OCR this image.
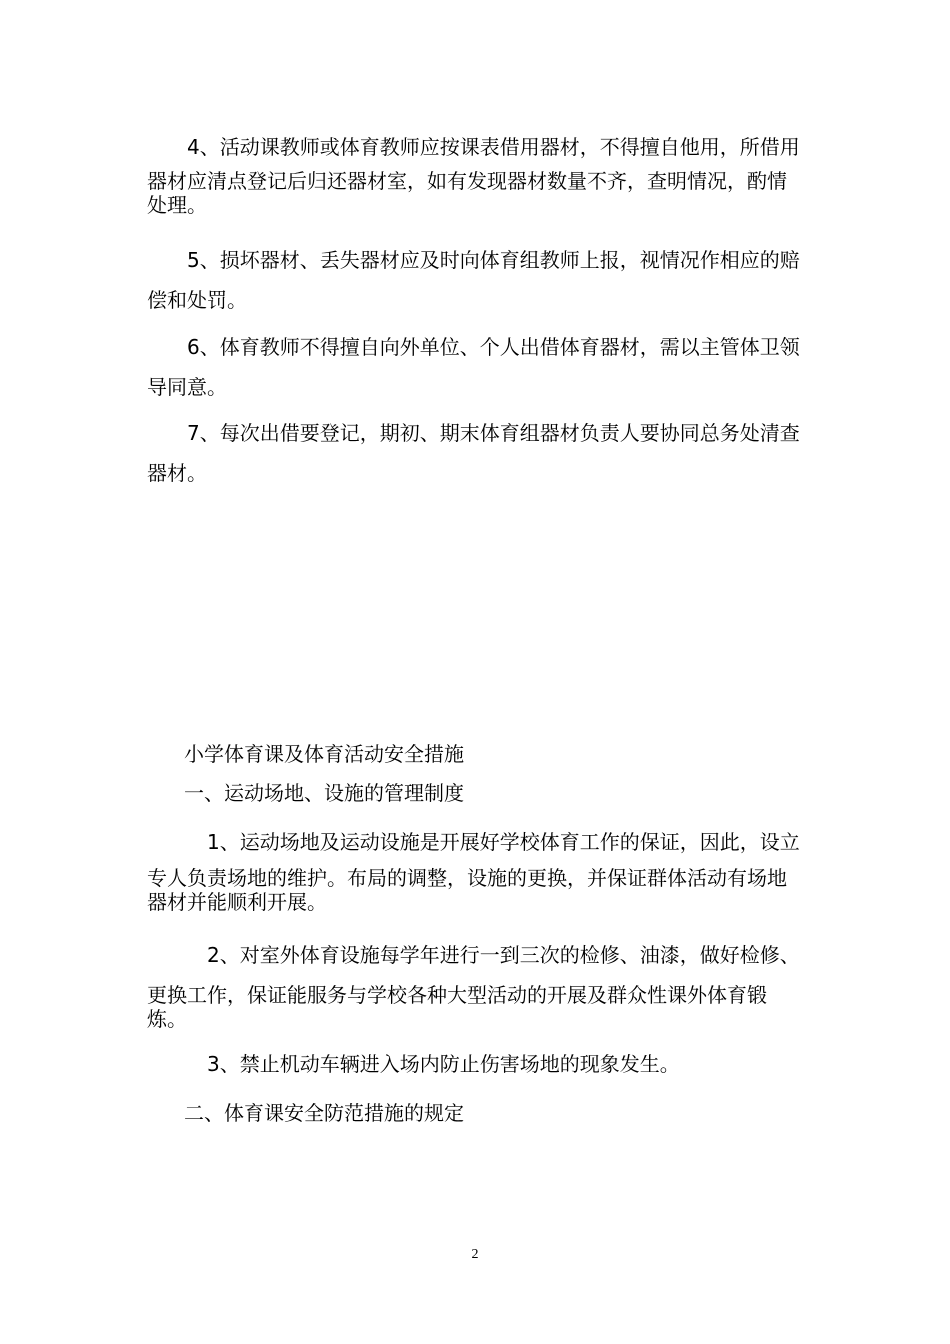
4、活动课教师或体育教师应按课表借用器材，不得擅自他用，所借用
器材应清点登记后归还器材室，如有发现器材数量不齐，查明情况，酌情
处理。
5、损坏器材、丢失器材应及时向体育组教师上报，视情况作相应的赔
偿和处罚。
6、体育教师不得擅自向外单位、个人出借体育器材，需以主管体卫领
导同意。
7、每次出借要登记，期初、期末体育组器材负责人要协同总务处清查
器材。
小学体育课及体育活动安全措施
一、运动场地、设施的管理制度
1、运动场地及运动设施是开展好学校体育工作的保证，因此，设立
专人负责场地的维护。布局的调整，设施的更换，并保证群体活动有场地
器材并能顺利开展。
2、对室外体育设施每学年进行一到三次的检修、油漆，做好检修、
更换工作，保证能服务与学校各种大型活动的开展及群众性课外体育锻
炼。
3、禁止机动车辆进入场内防止伤害场地的现象发生。
二、体育课安全防范措施的规定
2
